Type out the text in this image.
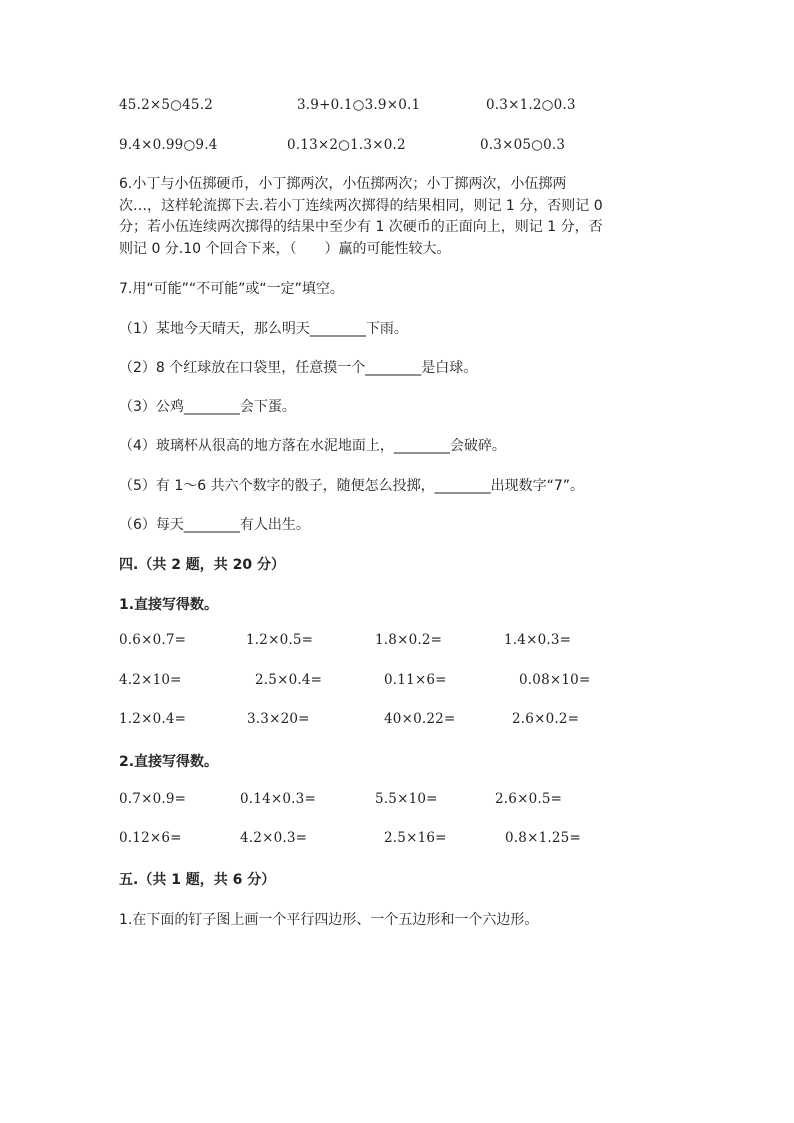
45.2×5○45.2	3.9+0.1○3.9×0.1	0.3×1.2○0.3
9.4×0.99○9.4	0.13×2○1.3×0.2	0.3×05○0.3
6.小丁与小伍掷硬币，小丁掷两次，小伍掷两次；小丁掷两次，小伍掷两
次…，这样轮流掷下去.若小丁连续两次掷得的结果相同，则记 1 分，否则记 0
分；若小伍连续两次掷得的结果中至少有 1 次硬币的正面向上，则记 1 分，否
则记 0 分.10 个回合下来，（　　）赢的可能性较大。
7.用“可能”“不可能”或“一定”填空。
（1）某地今天晴天，那么明天________下雨。
（2）8 个红球放在口袋里，任意摸一个________是白球。
（3）公鸡________会下蛋。
（4）玻璃杯从很高的地方落在水泥地面上，________会破碎。
（5）有 1～6 共六个数字的骰子，随便怎么投掷，________出现数字“7”。
（6）每天________有人出生。
四.（共 2 题，共 20 分）
1.直接写得数。
0.6×0.7=	1.2×0.5=	1.8×0.2=	1.4×0.3=
4.2×10=	2.5×0.4=	0.11×6=	0.08×10=
1.2×0.4=	3.3×20=	40×0.22=	2.6×0.2=
2.直接写得数。
0.7×0.9=	0.14×0.3=	5.5×10=	2.6×0.5=
0.12×6=	4.2×0.3=	2.5×16=	0.8×1.25=
五.（共 1 题，共 6 分）
1.在下面的钉子图上画一个平行四边形、一个五边形和一个六边形。
